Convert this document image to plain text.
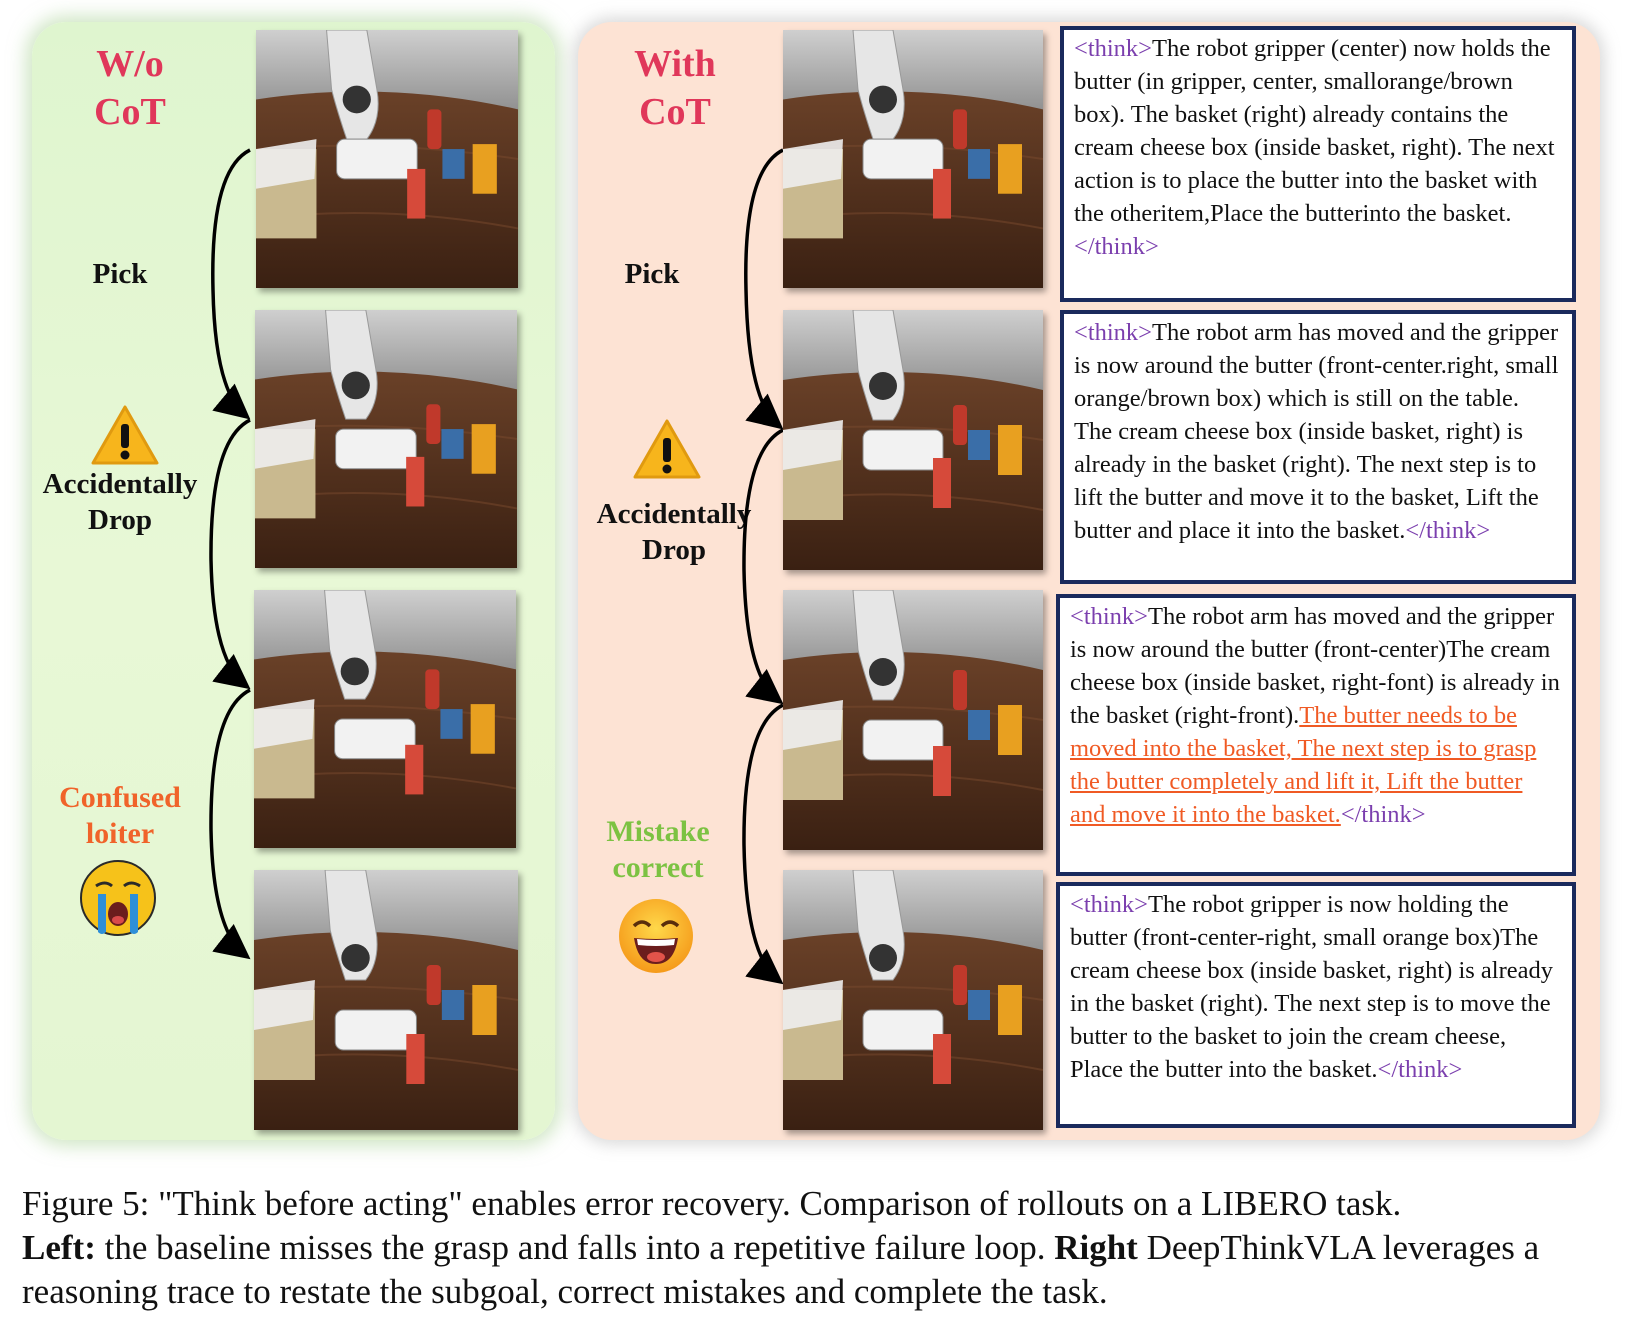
W/o
CoT
Pick
Accidentally
Drop
Confused
loiter
With
CoT
Pick
Accidentally
Drop
Mistake
correct
<think>The robot gripper (center) now holds the butter (in gripper, center, smallorange/brown box). The basket (right) already contains the cream cheese box (inside basket, right). The next action is to place the butter into the basket with the otheritem,Place the butterinto the basket.</think>
<think>The robot arm has moved and the gripper is now around the butter (front-center.right, small orange/brown box) which is still on the table. The cream cheese box (inside basket, right) is already in the basket (right). The next step is to lift the butter and move it to the basket, Lift the butter and place it into the basket.</think>
<think>The robot arm has moved and the gripper is now around the butter (front-center)The cream cheese box (inside basket, right-font) is already in the basket (right-front).The butter needs to be moved into the basket, The next step is to grasp the butter completely and lift it, Lift the butter and move it into the basket.</think>
<think>The robot gripper is now holding the butter (front-center-right, small orange box)The cream cheese box (inside basket, right) is already in the basket (right). The next step is to move the butter to the basket to join the cream cheese, Place the butter into the basket.</think>
Figure 5: "Think before acting" enables error recovery. Comparison of rollouts on a LIBERO task.
Left: the baseline misses the grasp and falls into a repetitive failure loop. Right DeepThinkVLA leverages a reasoning trace to restate the subgoal, correct mistakes and complete the task.
